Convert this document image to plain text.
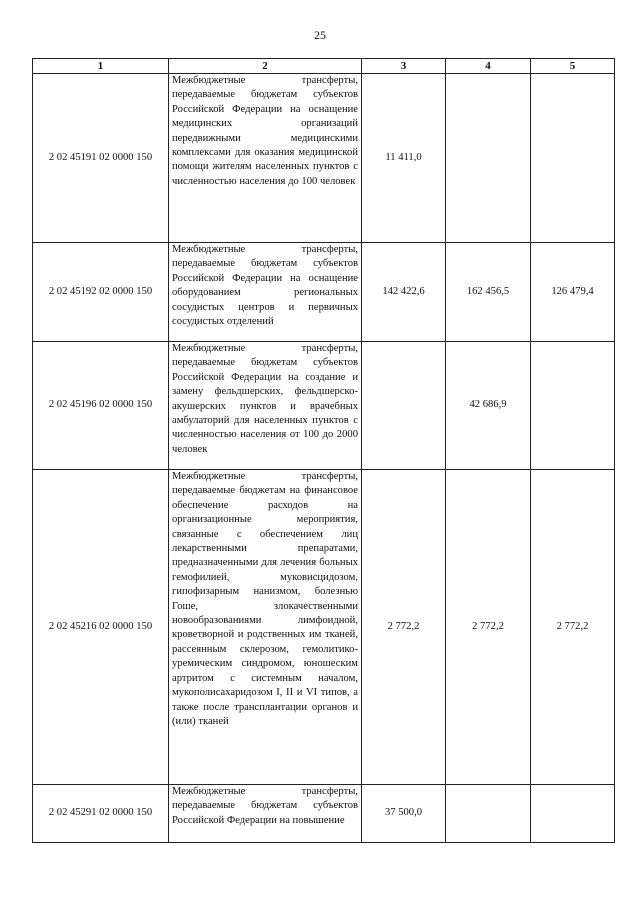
25
1	2	3	4	5
2 02 45191 02 0000 150	Межбюджетные трансферты, передаваемые бюджетам субъектов Российской Федерации на оснащение медицинских организаций передвижными медицинскими комплексами для оказания медицинской помощи жителям населенных пунктов с численностью населения до 100 человек	11 411,0		
2 02 45192 02 0000 150	Межбюджетные трансферты, передаваемые бюджетам субъектов Российской Федерации на оснащение оборудованием региональных сосудистых центров и первичных сосудистых отделений	142 422,6	162 456,5	126 479,4
2 02 45196 02 0000 150	Межбюджетные трансферты, передаваемые бюджетам субъектов Российской Федерации на создание и замену фельдшерских, фельдшерско-акушерских пунктов и врачебных амбулаторий для населенных пунктов с численностью населения от 100 до 2000 человек		42 686,9	
2 02 45216 02 0000 150	Межбюджетные трансферты, передаваемые бюджетам на финансовое обеспечение расходов на организационные мероприятия, связанные с обеспечением лиц лекарственными препаратами, предназначенными для лечения больных гемофилией, муковисцидозом, гипофизарным нанизмом, болезнью Гоше, злокачественными новообразованиями лимфоидной, кроветворной и родственных им тканей, рассеянным склерозом, гемолитико-уремическим синдромом, юношеским артритом с системным началом, мукополисахаридозом I, II и VI типов, а также после трансплантации органов и (или) тканей	2 772,2	2 772,2	2 772,2
2 02 45291 02 0000 150	Межбюджетные трансферты, передаваемые бюджетам субъектов Российской Федерации на повышение	37 500,0		
